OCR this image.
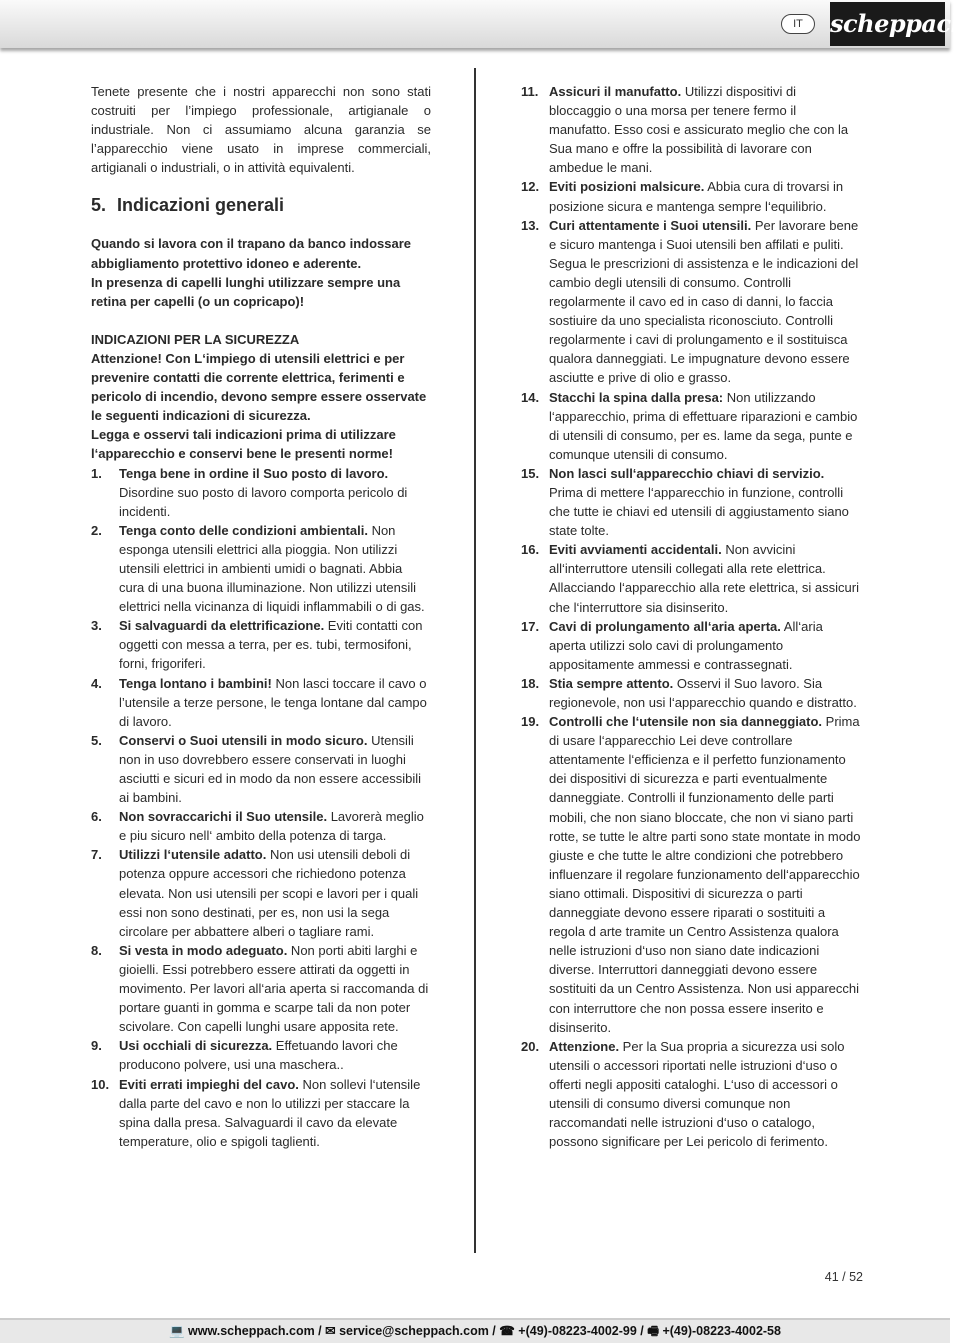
IT	scheppach

Tenete presente che i nostri apparecchi non sono stati costruiti per l’impiego professionale, artigianale o industriale. Non ci assumiamo alcuna garanzia se l’apparecchio viene usato in imprese commerciali, artigianali o industriali, o in attività equivalenti.

5. Indicazioni generali

Quando si lavora con il trapano da banco indossare abbigliamento protettivo idoneo e aderente.

In presenza di capelli lunghi utilizzare sempre una retina per capelli (o un copricapo)!

INDICAZIONI PER LA SICUREZZA

Attenzione! Con L‘impiego di utensili elettrici e per prevenire contatti die corrente elettrica, ferimenti e pericolo di incendio, devono sempre essere osservate le seguenti indicazioni di sicurezza.

Legga e osservi tali indicazioni prima di utilizzare l‘apparecchio e conservi bene le presenti norme!

1.	Tenga bene in ordine il Suo posto di lavoro. Disordine suo posto di lavoro comporta pericolo di incidenti.
2.	Tenga conto delle condizioni ambientali. Non esponga utensili elettrici alla pioggia. Non utilizzi utensili elettrici in ambienti umidi o bagnati. Abbia cura di una buona illuminazione. Non utilizzi utensili elettrici nella vicinanza di liquidi inflammabili o di gas.
3.	Si salvaguardi da elettrificazione. Eviti contatti con oggetti con messa a terra, per es. tubi, termosifoni, forni, frigoriferi.
4.	Tenga lontano i bambini! Non lasci toccare il cavo o l’utensile a terze persone, le tenga lontane dal campo di lavoro.
5.	Conservi o Suoi utensili in modo sicuro. Utensili non in uso dovrebbero essere conservati in luoghi asciutti e sicuri ed in modo da non essere accessibili ai bambini.
6.	Non sovraccarichi il Suo utensile. Lavorerà meglio e piu sicuro nell‘ ambito della potenza di targa.
7.	Utilizzi l‘utensile adatto. Non usi utensili deboli di potenza oppure accessori che richiedono potenza elevata. Non usi utensili per scopi e lavori per i quali essi non sono destinati, per es, non usi la sega circolare per abbattere alberi o tagliare rami.
8.	Si vesta in modo adeguato. Non porti abiti larghi e gioielli. Essi potrebbero essere attirati da oggetti in movimento. Per lavori all‘aria aperta si raccomanda di portare guanti in gomma e scarpe tali da non poter scivolare. Con capelli lunghi usare apposita rete.
9.	Usi occhiali di sicurezza. Effetuando lavori che producono polvere, usi una maschera..
10. Eviti errati impieghi del cavo. Non sollevi l‘utensile dalla parte del cavo e non lo utilizzi per staccare la spina dalla presa. Salvaguardi il cavo da elevate temperature, olio e spigoli taglienti.
11. Assicuri il manufatto. Utilizzi dispositivi di bloccaggio o una morsa per tenere fermo il manufatto. Esso cosi e assicurato meglio che con la Sua mano e offre la possibilità di lavorare con ambedue le mani.
12. Eviti posizioni malsicure. Abbia cura di trovarsi in posizione sicura e mantenga sempre l‘equilibrio.
13. Curi attentamente i Suoi utensili. Per lavorare bene e sicuro mantenga i Suoi utensili ben affilati e puliti. Segua le prescrizioni di assistenza e le indicazioni del cambio degli utensili di consumo. Controlli regolarmente il cavo ed in caso di danni, lo faccia sostiuire da uno specialista riconosciuto. Controlli regolarmente i cavi di prolungamento e il sostituisca qualora danneggiati. Le impugnature devono essere asciutte e prive di olio e grasso.
14. Stacchi la spina dalla presa: Non utilizzando l‘apparecchio, prima di effettuare riparazioni e cambio di utensili di consumo, per es. lame da sega, punte e comunque utensili di consumo.
15. Non lasci sull‘apparecchio chiavi di servizio. Prima di mettere l‘apparecchio in funzione, controlli che tutte ie chiavi ed utensili di aggiustamento siano state tolte.
16. Eviti avviamenti accidentali. Non avvicini all‘interruttore utensili collegati alla rete elettrica. Allacciando l‘apparecchio alla rete elettrica, si assicuri che l‘interruttore sia disinserito.
17. Cavi di prolungamento all‘aria aperta. All‘aria aperta utilizzi solo cavi di prolungamento appositamente ammessi e contrassegnati.
18. Stia sempre attento. Osservi il Suo lavoro. Sia regionevole, non usi l‘apparecchio quando e distratto.
19. Controlli che l‘utensile non sia danneggiato. Prima di usare l‘apparecchio Lei deve controllare attentamente l‘efficienza e il perfetto funzionamento dei dispositivi di sicurezza e parti eventualmente danneggiate. Controlli il funzionamento delle parti mobili, che non siano bloccate, che non vi siano parti rotte, se tutte le altre parti sono state montate in modo giuste e che tutte le altre condizioni che potrebbero influenzare il regolare funzionamento dell‘apparecchio siano ottimali. Dispositivi di sicurezza o parti danneggiate devono essere riparati o sostituiti a regola d arte tramite un Centro Assistenza qualora nelle istruzioni d‘uso non siano date indicazioni diverse. Interruttori danneggiati devono essere sostituiti da un Centro Assistenza. Non usi apparecchi con interruttore che non possa essere inserito e disinserito.
20. Attenzione. Per la Sua propria a sicurezza usi solo utensili o accessori riportati nelle istruzioni d‘uso o offerti negli appositi cataloghi. L‘uso di accessori o utensili di consumo diversi comunque non raccomandati nelle istruzioni d‘uso o catalogo, possono significare per Lei pericolo di ferimento.
41 / 52
💻 www.scheppach.com / ✉ service@scheppach.com / ☎ +(49)-08223-4002-99 / 🖷 +(49)-08223-4002-58
